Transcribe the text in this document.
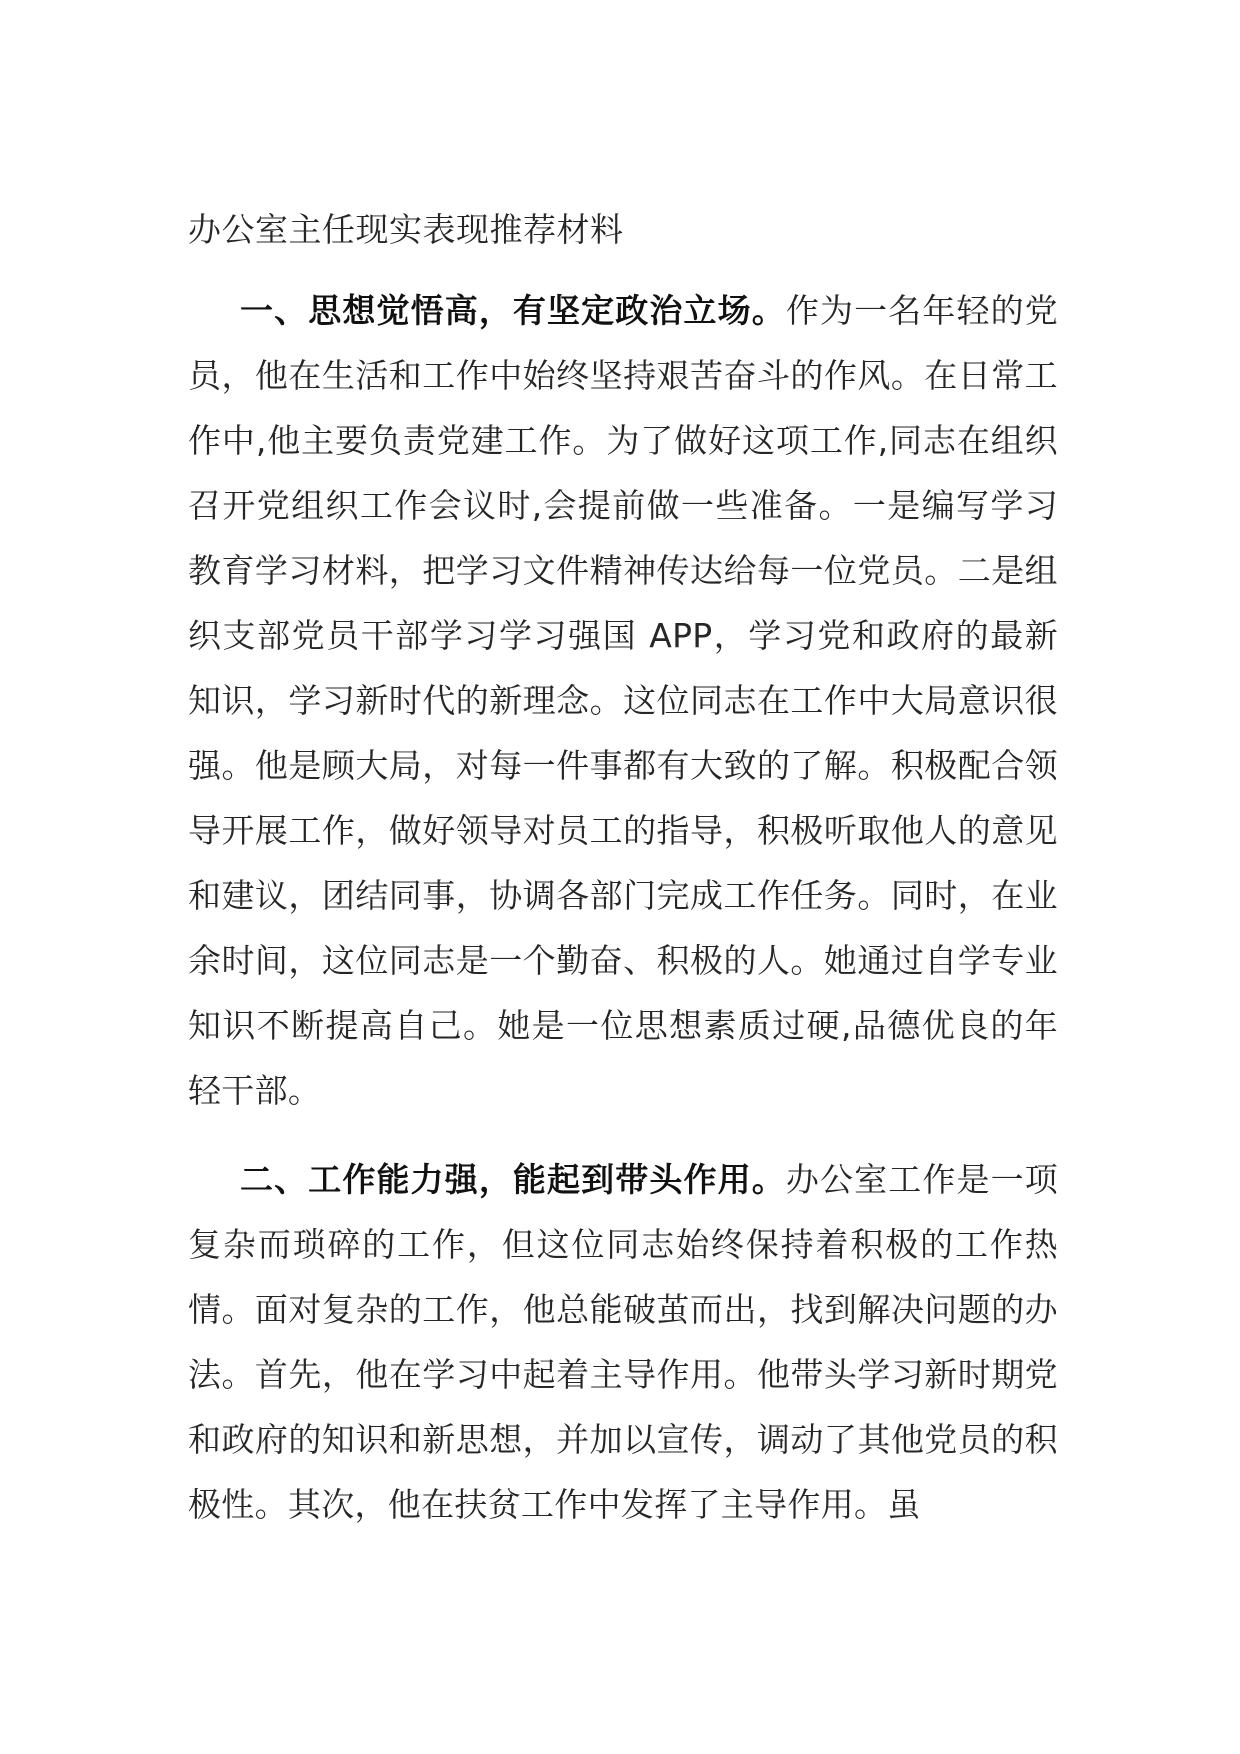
办公室主任现实表现推荐材料

一、思想觉悟高，有坚定政治立场。作为一名年轻的党员，他在生活和工作中始终坚持艰苦奋斗的作风。在日常工作中,他主要负责党建工作。为了做好这项工作,同志在组织召开党组织工作会议时,会提前做一些准备。一是编写学习教育学习材料，把学习文件精神传达给每一位党员。二是组织支部党员干部学习学习强国 APP，学习党和政府的最新知识，学习新时代的新理念。这位同志在工作中大局意识很强。他是顾大局，对每一件事都有大致的了解。积极配合领导开展工作，做好领导对员工的指导，积极听取他人的意见和建议，团结同事，协调各部门完成工作任务。同时，在业余时间，这位同志是一个勤奋、积极的人。她通过自学专业知识不断提高自己。她是一位思想素质过硬,品德优良的年轻干部。

二、工作能力强，能起到带头作用。办公室工作是一项复杂而琐碎的工作，但这位同志始终保持着积极的工作热情。面对复杂的工作，他总能破茧而出，找到解决问题的办法。首先，他在学习中起着主导作用。他带头学习新时期党和政府的知识和新思想，并加以宣传，调动了其他党员的积极性。其次，他在扶贫工作中发挥了主导作用。虽
